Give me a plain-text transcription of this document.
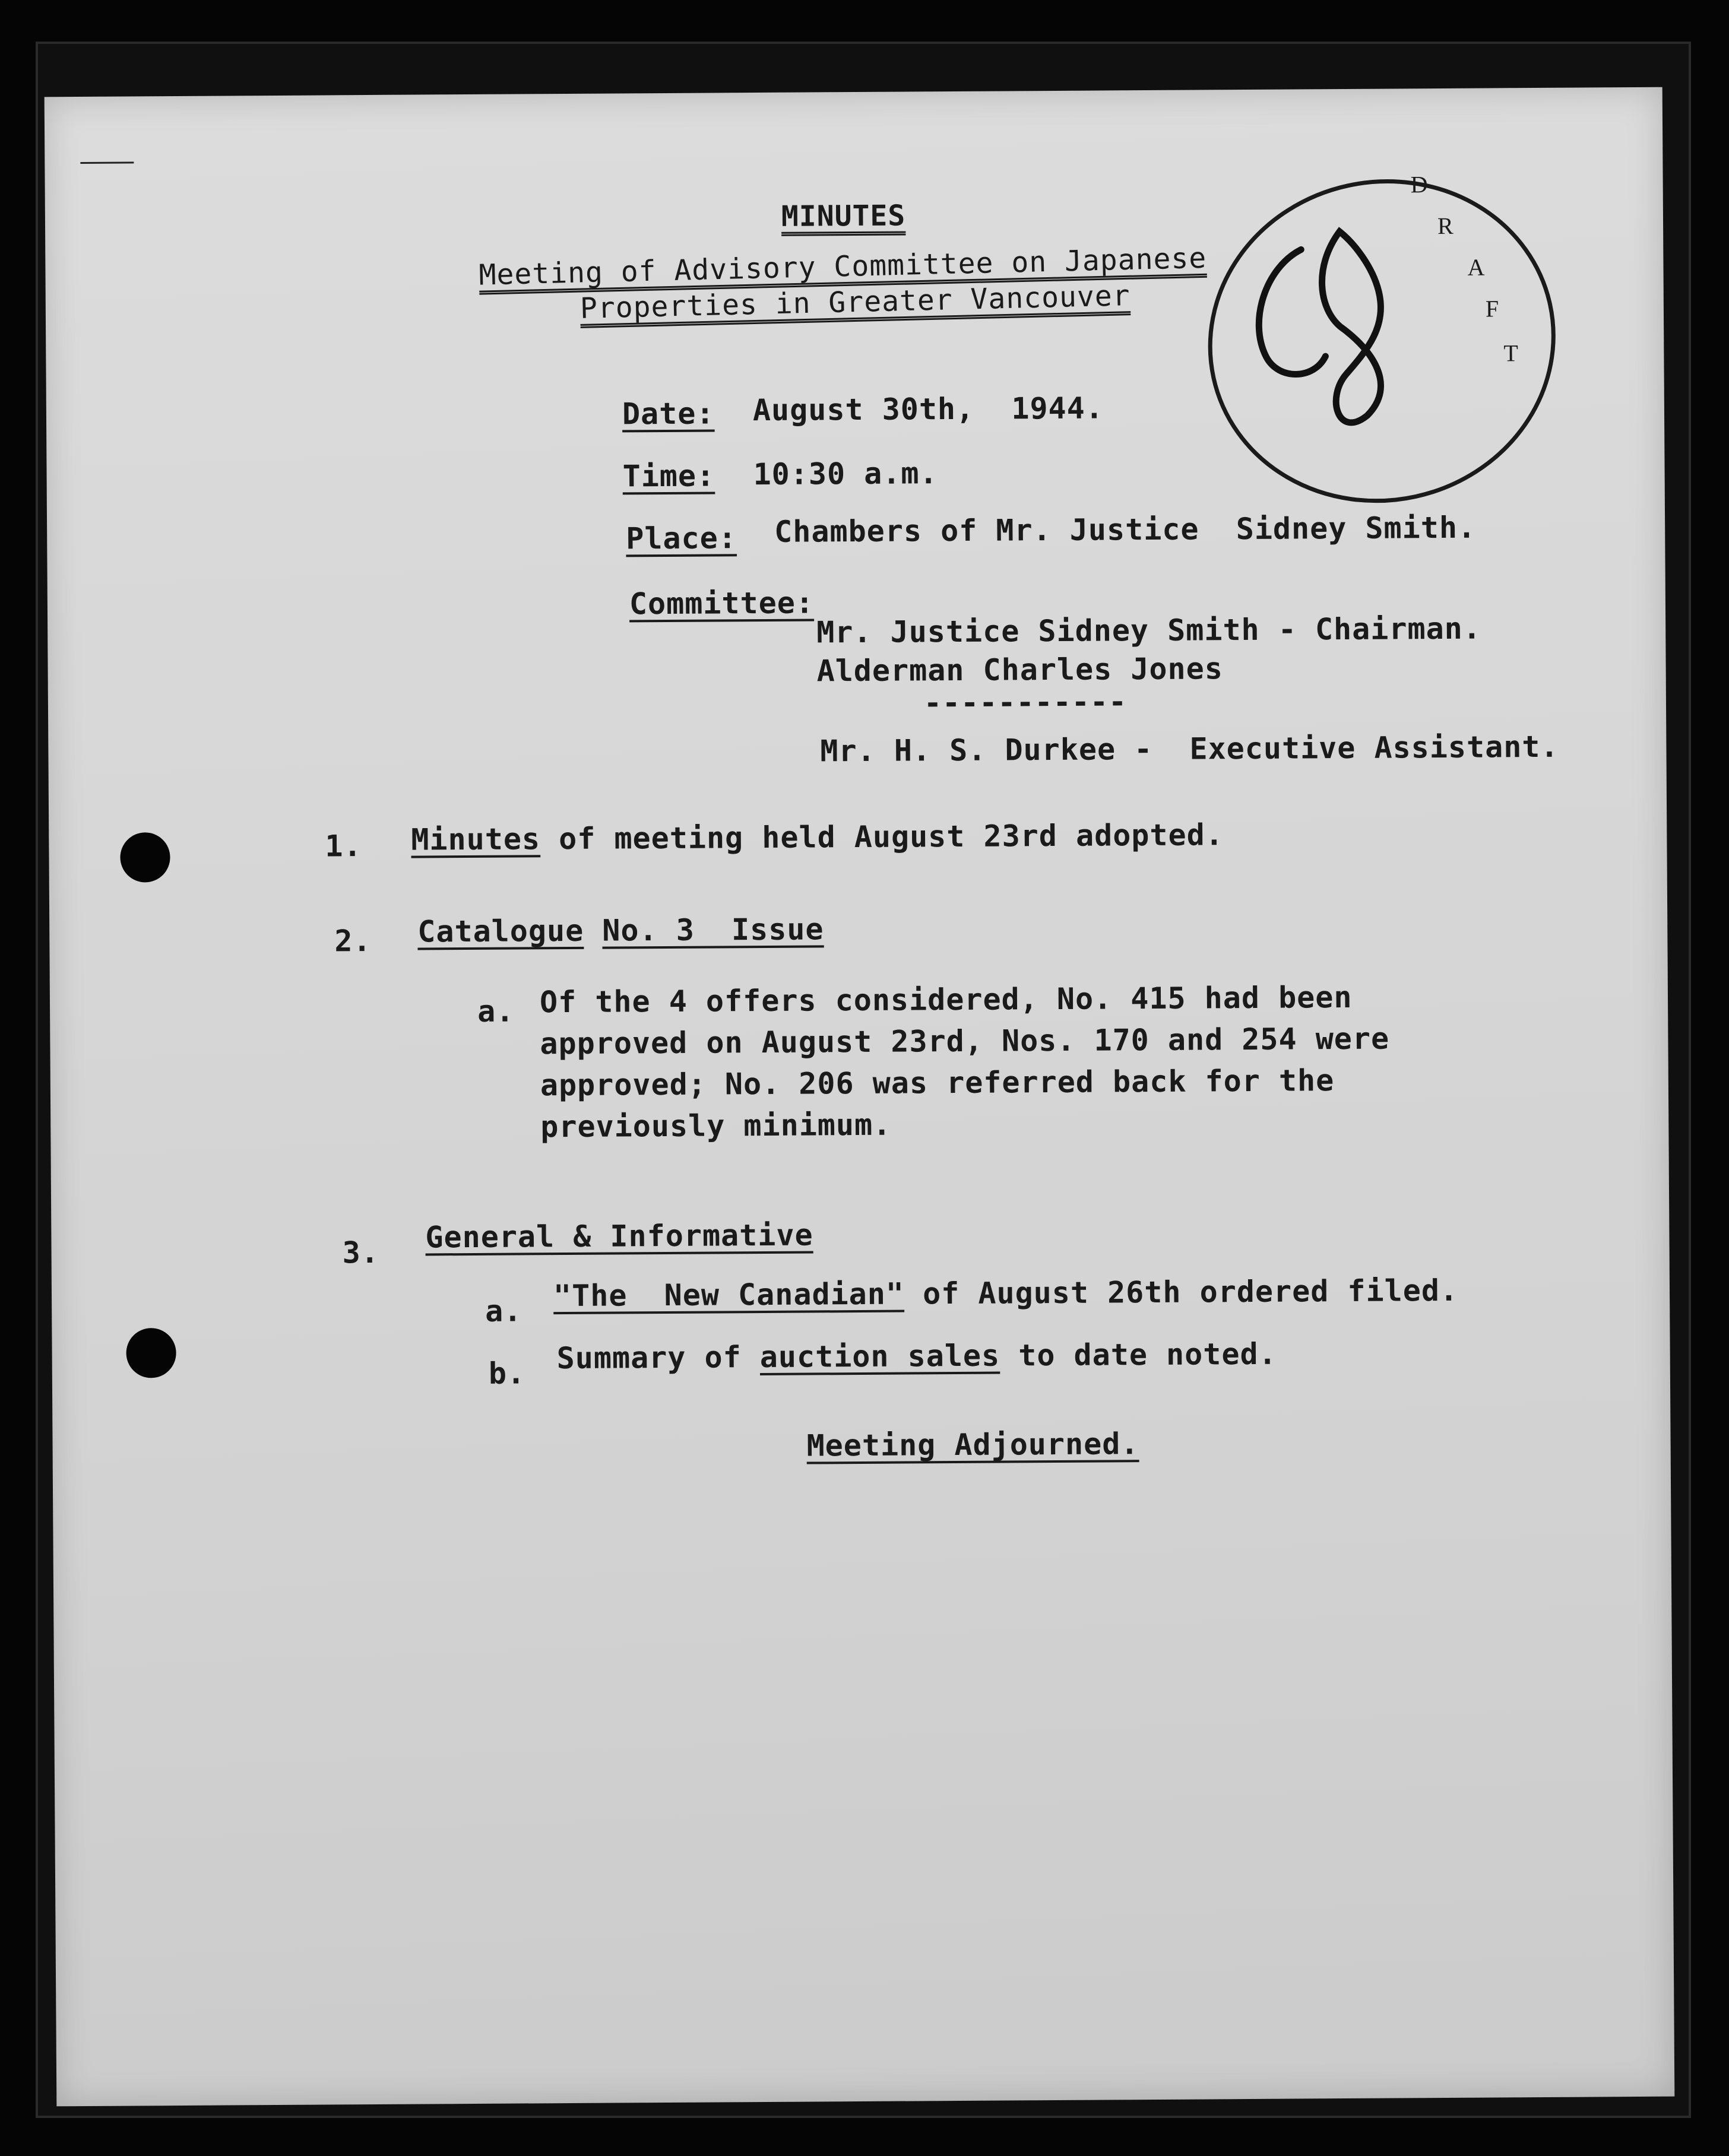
D
R
A
F
T
MINUTES
Meeting of Advisory Committee on Japanese
Properties in Greater Vancouver
Date: August 30th,  1944.
Time: 10:30 a.m.
Place: Chambers of Mr. Justice  Sidney Smith.
Committee:
Mr. Justice Sidney Smith - Chairman.
Alderman Charles Jones
-----------
Mr. H. S. Durkee -  Executive Assistant.
1. Minutes of meeting held August 23rd adopted.
2. Catalogue No. 3  Issue
a. Of the 4 offers considered, No. 415 had been
approved on August 23rd, Nos. 170 and 254 were
approved; No. 206 was referred back for the
previously minimum.
3. General & Informative
a. "The  New Canadian" of August 26th ordered filed.
b. Summary of auction sales to date noted.
Meeting Adjourned.
